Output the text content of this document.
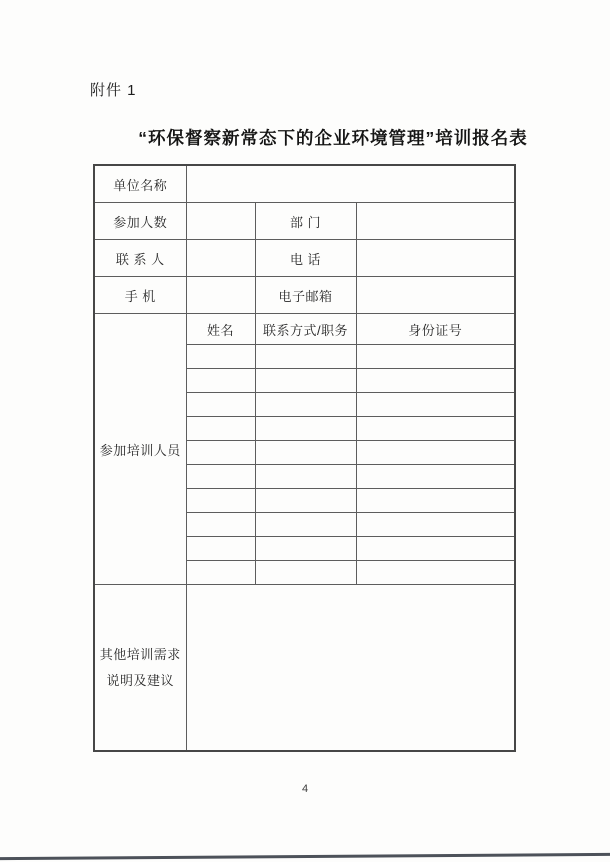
附件 1
“环保督察新常态下的企业环境管理”培训报名表
单位名称			
参加人数		部 门	
联 系 人		电 话	
手 机		电子邮箱	
参加培训人员	姓名	联系方式/职务	身份证号

其他培训需求
说明及建议			

4
